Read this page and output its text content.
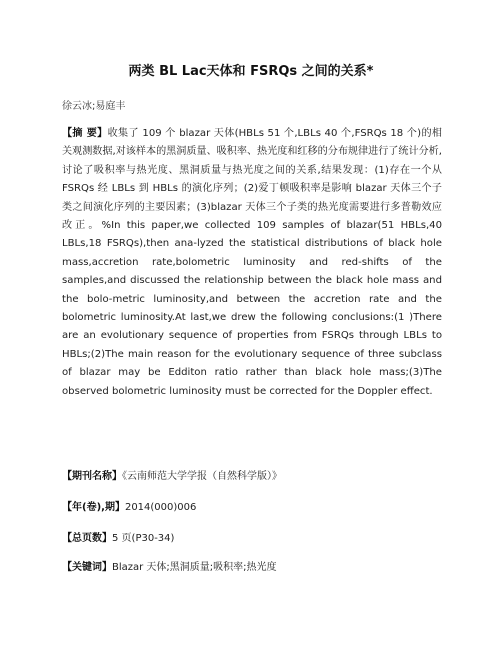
两类 BL Lac天体和 FSRQs 之间的关系*
徐云冰;易庭丰
【摘 要】收集了 109 个 blazar 天体(HBLs 51 个,LBLs 40 个,FSRQs 18 个)的相关观测数据,对该样本的黑洞质量、吸积率、热光度和红移的分布规律进行了统计分析,讨论了吸积率与热光度、黑洞质量与热光度之间的关系,结果发现：(1)存在一个从 FSRQs 经 LBLs 到 HBLs 的演化序列；(2)爱丁顿吸积率是影响 blazar 天体三个子类之间演化序列的主要因素；(3)blazar 天体三个子类的热光度需要进行多普勒效应改正。%In this paper,we collected 109 samples of blazar(51 HBLs,40 LBLs,18 FSRQs),then ana-lyzed the statistical distributions of black hole mass,accretion rate,bolometric luminosity and red-shifts of the samples,and discussed the relationship between the black hole mass and the bolo-metric luminosity,and between the accretion rate and the bolometric luminosity.At last,we drew the following conclusions:(1 )There are an evolutionary sequence of properties from FSRQs through LBLs to HBLs;(2)The main reason for the evolutionary sequence of three subclass of blazar may be Edditon ratio rather than black hole mass;(3)The observed bolometric luminosity must be corrected for the Doppler effect.
【期刊名称】《云南师范大学学报（自然科学版）》
【年(卷),期】2014(000)006
【总页数】5 页(P30-34)
【关键词】Blazar 天体;黑洞质量;吸积率;热光度
